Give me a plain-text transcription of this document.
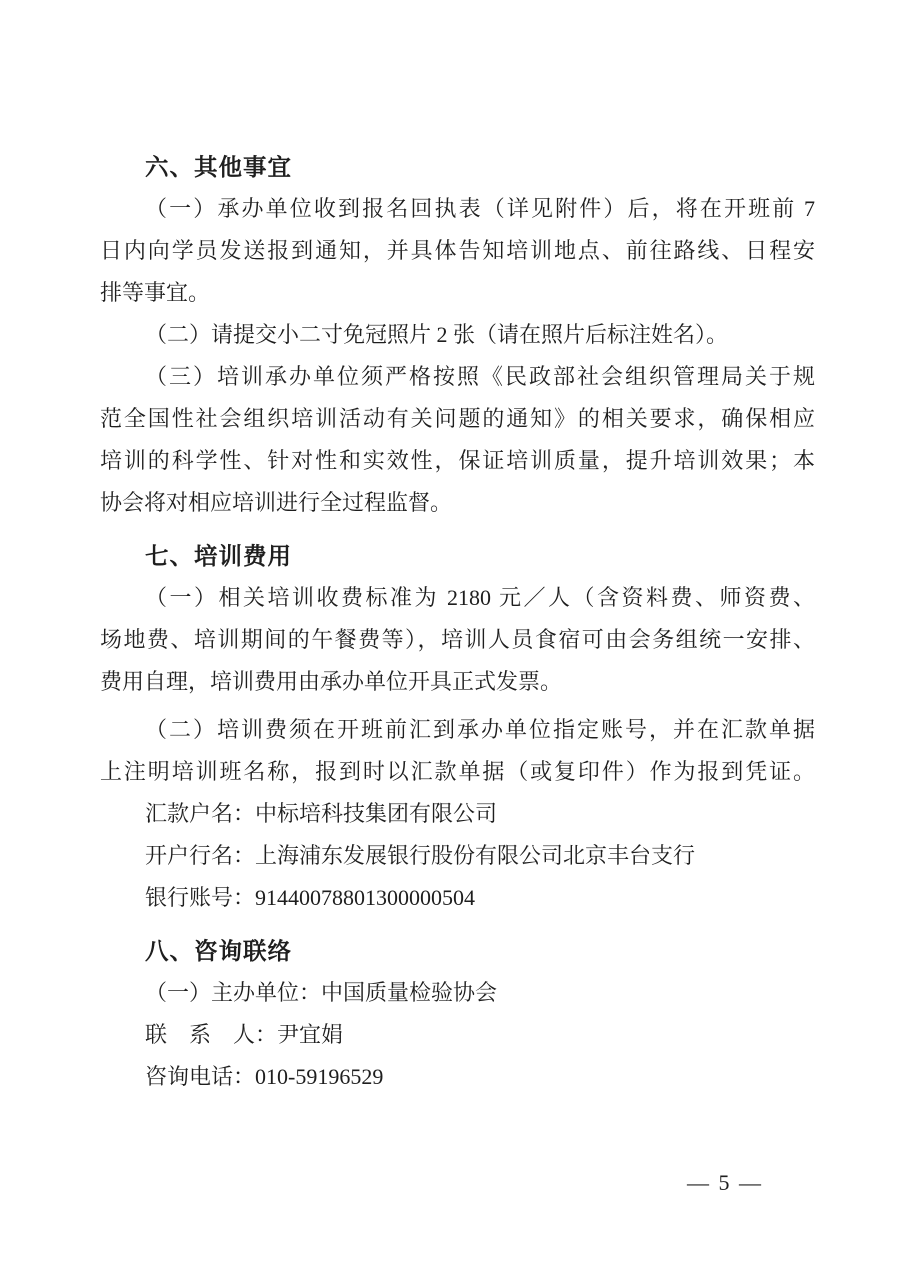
六、其他事宜
（一）承办单位收到报名回执表（详见附件）后，将在开班前 7
日内向学员发送报到通知，并具体告知培训地点、前往路线、日程安
排等事宜。
（二）请提交小二寸免冠照片 2 张（请在照片后标注姓名）。
（三）培训承办单位须严格按照《民政部社会组织管理局关于规
范全国性社会组织培训活动有关问题的通知》的相关要求，确保相应
培训的科学性、针对性和实效性，保证培训质量，提升培训效果；本
协会将对相应培训进行全过程监督。
七、培训费用
（一）相关培训收费标准为 2180 元／人（含资料费、师资费、
场地费、培训期间的午餐费等），培训人员食宿可由会务组统一安排、
费用自理，培训费用由承办单位开具正式发票。
（二）培训费须在开班前汇到承办单位指定账号，并在汇款单据
上注明培训班名称，报到时以汇款单据（或复印件）作为报到凭证。
汇款户名：中标培科技集团有限公司
开户行名：上海浦东发展银行股份有限公司北京丰台支行
银行账号：91440078801300000504
八、咨询联络
（一）主办单位：中国质量检验协会
联　系　人：尹宜娟
咨询电话：010-59196529
— 5 —
